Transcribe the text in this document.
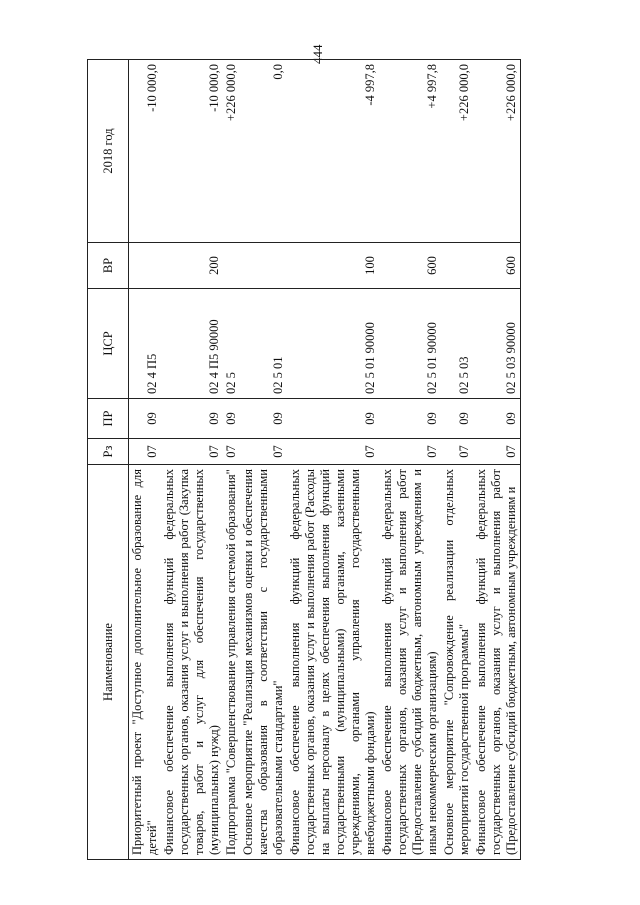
444
Наименование	Рз	ПР	ЦСР	ВР	2018 год
Приоритетный проект "Доступное дополнительное образование для детей"	07	09	02 4 П5		-10 000,0
Финансовое обеспечение выполнения функций федеральных государственных органов, оказания услуг и выполнения работ (Закупка товаров, работ и услуг для обеспечения государственных (муниципальных) нужд)	07	09	02 4 П5 90000	200	-10 000,0
Подпрограмма "Совершенствование управления системой образования"	07	09	02 5		+226 000,0
Основное мероприятие "Реализация механизмов оценки и обеспечения качества образования в соответствии с государственными образовательными стандартами"	07	09	02 5 01		0,0
Финансовое обеспечение выполнения функций федеральных государственных органов, оказания услуг и выполнения работ (Расходы на выплаты персоналу в целях обеспечения выполнения функций государственными (муниципальными) органами, казенными учреждениями, органами управления государственными внебюджетными фондами)	07	09	02 5 01 90000	100	-4 997,8
Финансовое обеспечение выполнения функций федеральных государственных органов, оказания услуг и выполнения работ (Предоставление субсидий бюджетным, автономным учреждениям и иным некоммерческим организациям)	07	09	02 5 01 90000	600	+4 997,8
Основное мероприятие "Сопровождение реализации отдельных мероприятий государственной программы"	07	09	02 5 03		+226 000,0
Финансовое обеспечение выполнения функций федеральных государственных органов, оказания услуг и выполнения работ (Предоставление субсидий бюджетным, автономным учреждениям и	07	09	02 5 03 90000	600	+226 000,0
